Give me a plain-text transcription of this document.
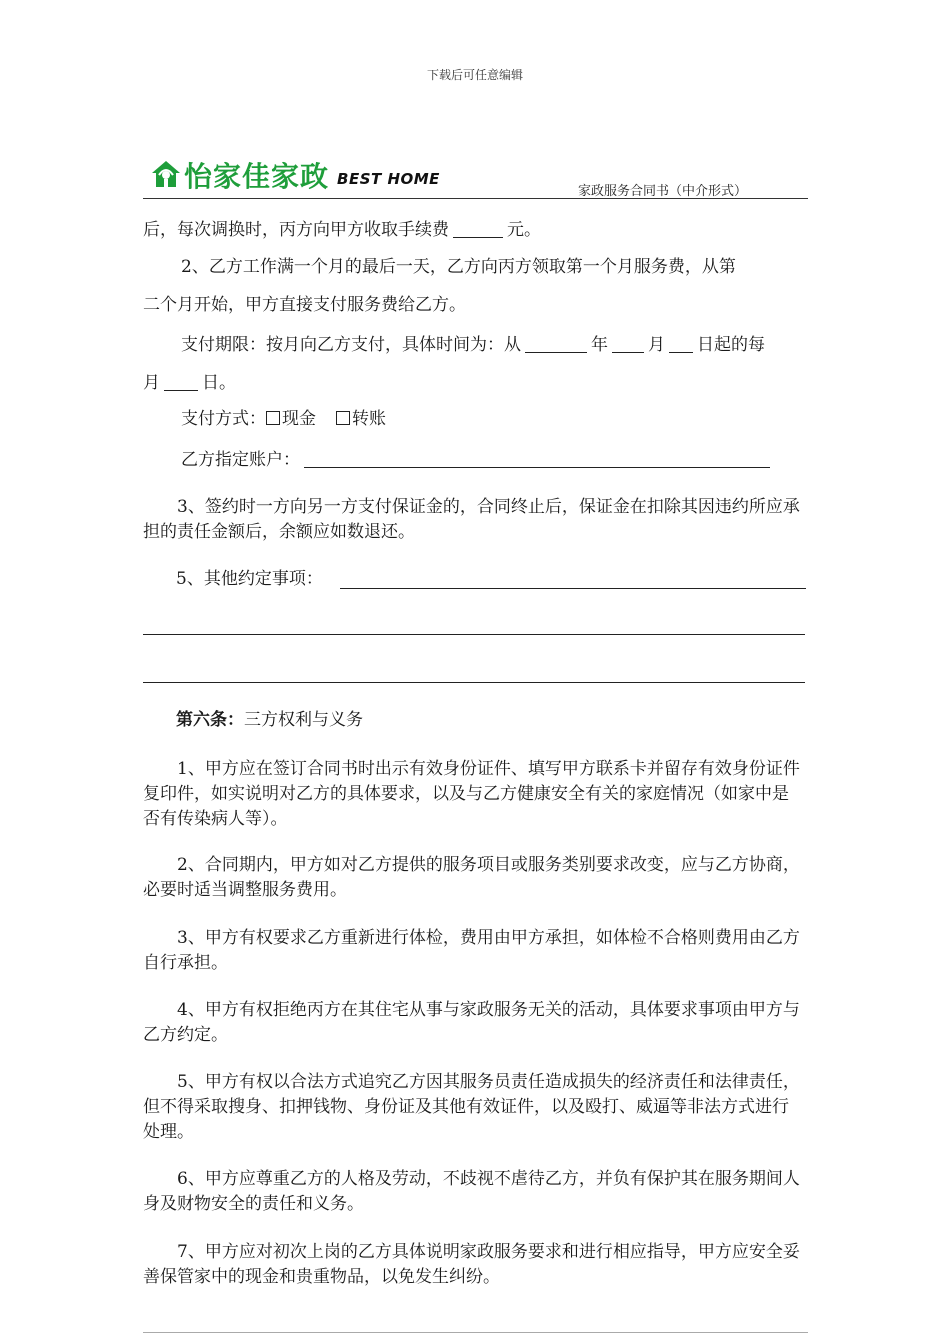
下载后可任意编辑
怡家佳家政 BEST HOME
家政服务合同书（中介形式）
后，每次调换时，丙方向甲方收取手续费	元。
2、乙方工作满一个月的最后一天，乙方向丙方领取第一个月服务费，从第
二个月开始，甲方直接支付服务费给乙方。
支付期限：按月向乙方支付，具体时间为：从	年 月 日起的每
月 日。
支付方式： 现金 转账
乙方指定账户：
3、签约时一方向另一方支付保证金的，合同终止后，保证金在扣除其因违约所应承担的责任金额后，余额应如数退还。
5、其他约定事项：
第六条：三方权利与义务
1、甲方应在签订合同书时出示有效身份证件、填写甲方联系卡并留存有效身份证件复印件，如实说明对乙方的具体要求，以及与乙方健康安全有关的家庭情况（如家中是否有传染病人等）。
2、合同期内，甲方如对乙方提供的服务项目或服务类别要求改变，应与乙方协商，必要时适当调整服务费用。
3、甲方有权要求乙方重新进行体检，费用由甲方承担，如体检不合格则费用由乙方自行承担。
4、甲方有权拒绝丙方在其住宅从事与家政服务无关的活动，具体要求事项由甲方与乙方约定。
5、甲方有权以合法方式追究乙方因其服务员责任造成损失的经济责任和法律责任，但不得采取搜身、扣押钱物、身份证及其他有效证件，以及殴打、威逼等非法方式进行处理。
6、甲方应尊重乙方的人格及劳动，不歧视不虐待乙方，并负有保护其在服务期间人身及财物安全的责任和义务。
7、甲方应对初次上岗的乙方具体说明家政服务要求和进行相应指导，甲方应安全妥善保管家中的现金和贵重物品，以免发生纠纷。
